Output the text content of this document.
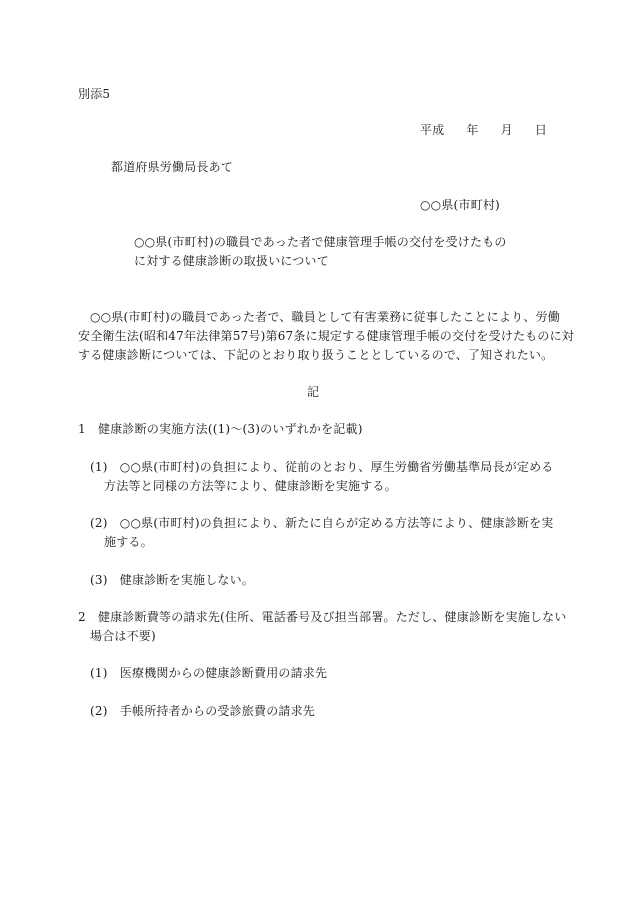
別添5
平成 年 月 日
都道府県労働局長あて
○○県(市町村)
○○県(市町村)の職員であった者で健康管理手帳の交付を受けたもの
に対する健康診断の取扱いについて
○○県(市町村)の職員であった者で、職員として有害業務に従事したことにより、労働
安全衛生法(昭和47年法律第57号)第67条に規定する健康管理手帳の交付を受けたものに対
する健康診断については、下記のとおり取り扱うこととしているので、了知されたい。
記
1　健康診断の実施方法((1)～(3)のいずれかを記載)
(1)　○○県(市町村)の負担により、従前のとおり、厚生労働省労働基準局長が定める
方法等と同様の方法等により、健康診断を実施する。
(2)　○○県(市町村)の負担により、新たに自らが定める方法等により、健康診断を実
施する。
(3)　健康診断を実施しない。
2　健康診断費等の請求先(住所、電話番号及び担当部署。ただし、健康診断を実施しない
場合は不要)
(1)　医療機関からの健康診断費用の請求先
(2)　手帳所持者からの受診旅費の請求先
